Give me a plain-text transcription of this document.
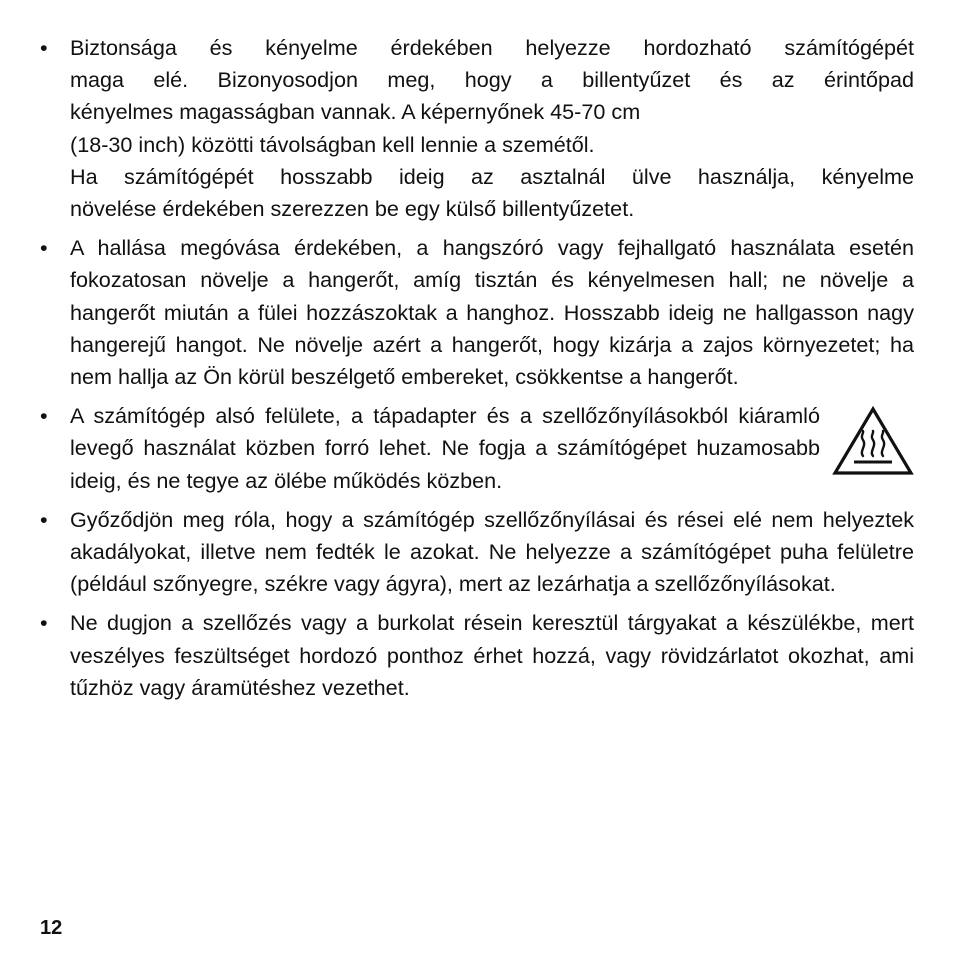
• Biztonsága és kényelme érdekében helyezze hordozható számítógépét
maga elé. Bizonyosodjon meg, hogy a billentyűzet és az érintőpad
kényelmes magasságban vannak. A képernyőnek 45-70 cm
(18-30 inch) közötti távolságban kell lennie a szemétől.
Ha számítógépét hosszabb ideig az asztalnál ülve használja, kényelme
növelése érdekében szerezzen be egy külső billentyűzetet.
• A hallása megóvása érdekében, a hangszóró vagy fejhallgató használata esetén fokozatosan növelje a hangerőt, amíg tisztán és kényelmesen hall; ne növelje a hangerőt miután a fülei hozzászoktak a hanghoz. Hosszabb ideig ne hallgasson nagy hangerejű hangot. Ne növelje azért a hangerőt, hogy kizárja a zajos környezetet; ha nem hallja az Ön körül beszélgető embereket, csökkentse a hangerőt.
• A számítógép alsó felülete, a tápadapter és a szellőzőnyílásokból kiáramló levegő használat közben forró lehet. Ne fogja a számítógépet huzamosabb ideig, és ne tegye az ölébe működés közben.
• Győződjön meg róla, hogy a számítógép szellőzőnyílásai és rései elé nem helyeztek akadályokat, illetve nem fedték le azokat. Ne helyezze a számítógépet puha felületre (például szőnyegre, székre vagy ágyra), mert az lezárhatja a szellőzőnyílásokat.
• Ne dugjon a szellőzés vagy a burkolat résein keresztül tárgyakat a készülékbe, mert veszélyes feszültséget hordozó ponthoz érhet hozzá, vagy rövidzárlatot okozhat, ami tűzhöz vagy áramütéshez vezethet.
12
